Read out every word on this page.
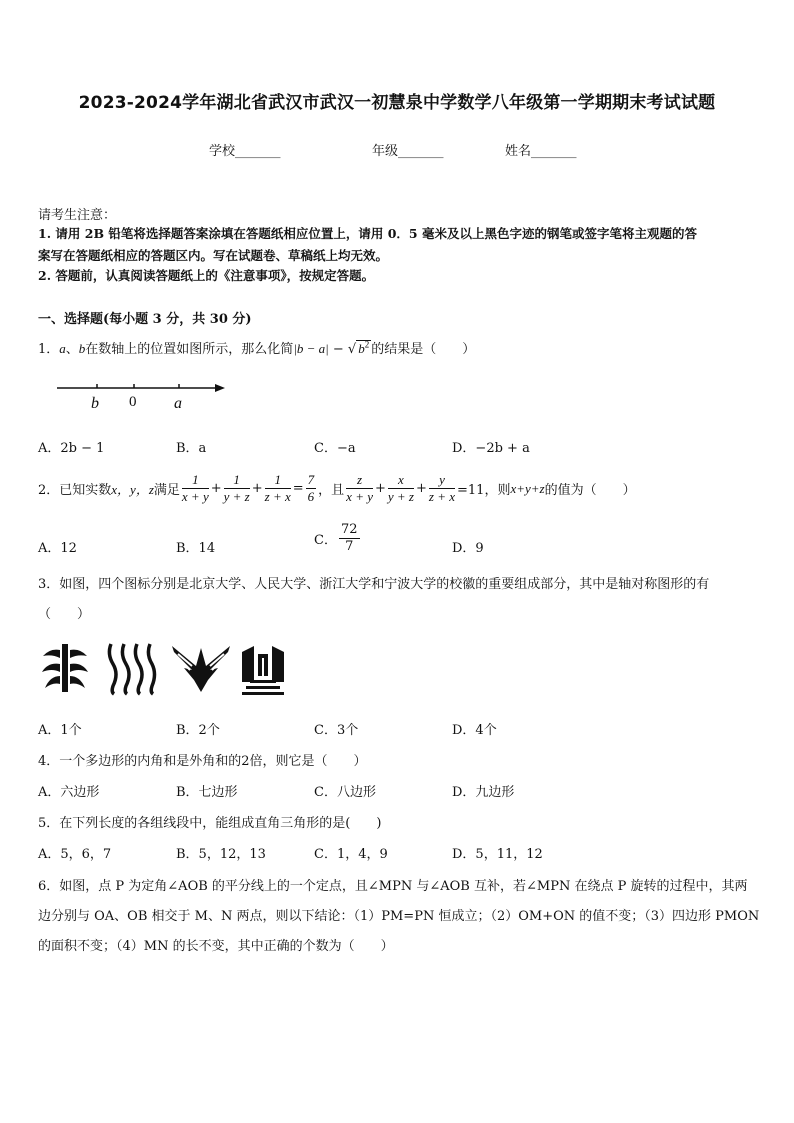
2023-2024学年湖北省武汉市武汉一初慧泉中学数学八年级第一学期期末考试试题
学校_______	年级_______	姓名_______
请考生注意：
1. 请用 2B 铅笔将选择题答案涂填在答题纸相应位置上，请用 0．5 毫米及以上黑色字迹的钢笔或签字笔将主观题的答
案写在答题纸相应的答题区内。写在试题卷、草稿纸上均无效。
2. 答题前，认真阅读答题纸上的《注意事项》，按规定答题。
一、选择题(每小题 3 分，共 30 分)
1．a、b在数轴上的位置如图所示，那么化简|b − a| − √ $b^2$ 的结果是（　　）
b 0 a
A．2b − 1	B．a	C．−a	D．−2b + a
2．已知实数 x，y，z 满足 $\frac{1}{x + y} + \frac{1}{y + z} + \frac{1}{z + x} = \frac{7}{6}$ ，且 $\frac{z}{x + y} + \frac{x}{y + z} + \frac{y}{z + x} =11$，则 x+y+z 的值为（　　）
A．12	B．14
C． $\frac{72}{7}$	D．9
3．如图，四个图标分别是北京大学、人民大学、浙江大学和宁波大学的校徽的重要组成部分，其中是轴对称图形的有
（　　）
A．1个	B．2个	C．3个	D．4个
4．一个多边形的内角和是外角和的2倍，则它是（　　）
A．六边形	B．七边形	C．八边形	D．九边形
5．在下列长度的各组线段中，能组成直角三角形的是(　　)
A．5，6，7	B．5，12，13	C．1，4，9	D．5，11，12
6．如图，点 P 为定角∠AOB 的平分线上的一个定点，且∠MPN 与∠AOB 互补，若∠MPN 在绕点 P 旋转的过程中，其两
边分别与 OA、OB 相交于 M、N 两点，则以下结论：（1）PM=PN 恒成立；（2）OM+ON 的值不变；（3）四边形 PMON
的面积不变；（4）MN 的长不变，其中正确的个数为（　　）
